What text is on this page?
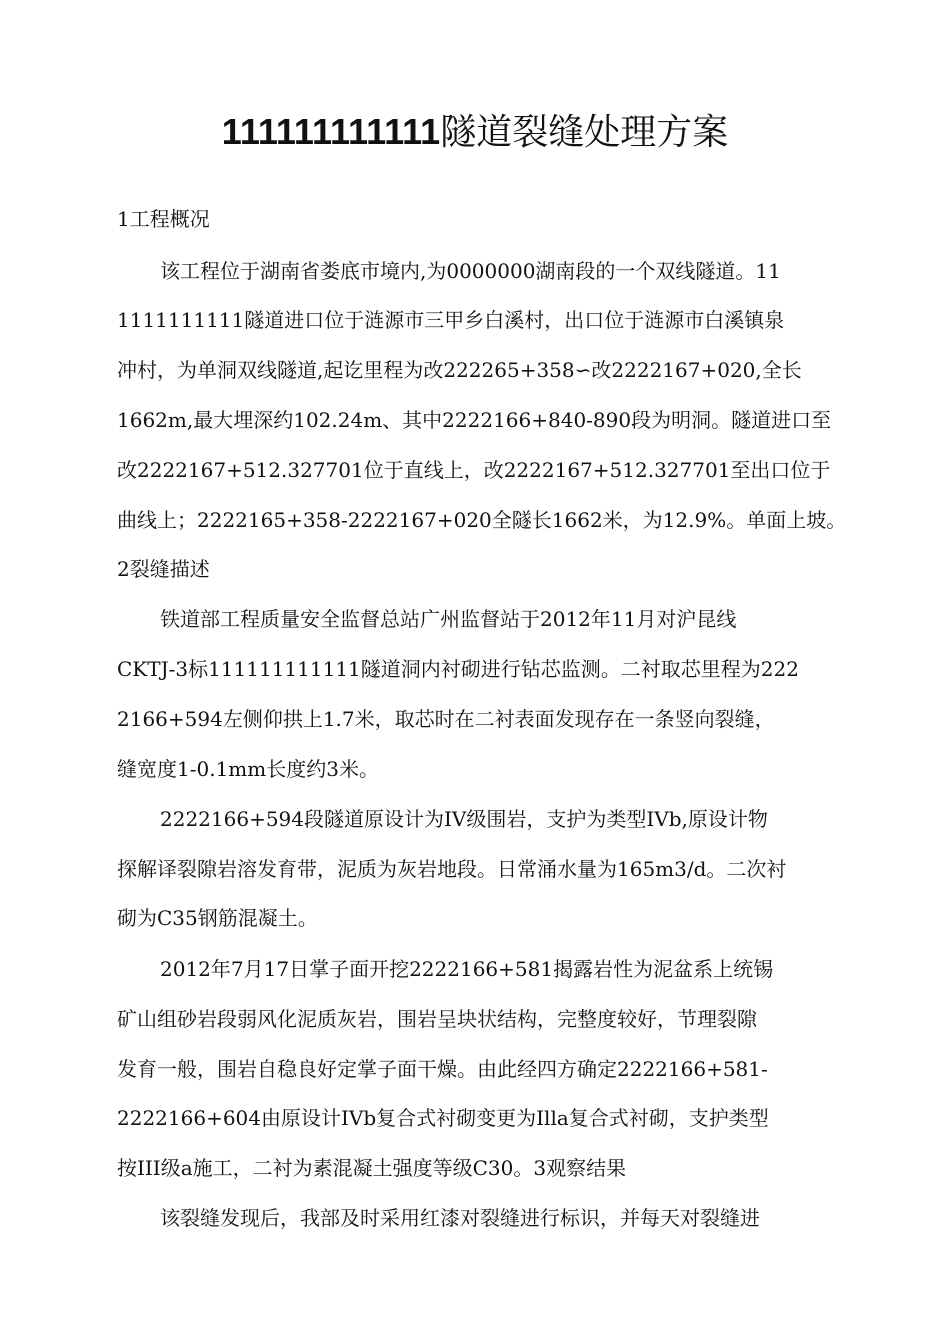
111111111111隧道裂缝处理方案
1工程概况
该工程位于湖南省娄底市境内,为0000000湖南段的一个双线隧道。11
1111111111隧道进口位于涟源市三甲乡白溪村，出口位于涟源市白溪镇泉
冲村，为单洞双线隧道,起讫里程为改222265+358∽改2222167+020,全长
1662m,最大埋深约102.24m、其中2222166+840-890段为明洞。隧道进口至
改2222167+512.327701位于直线上，改2222167+512.327701至出口位于
曲线上；2222165+358-2222167+020全隧长1662米，为12.9%。单面上坡。
2裂缝描述
铁道部工程质量安全监督总站广州监督站于2012年11月对沪昆线
CKTJ-3标111111111111隧道洞内衬砌进行钻芯监测。二衬取芯里程为222
2166+594左侧仰拱上1.7米，取芯时在二衬表面发现存在一条竖向裂缝，
缝宽度1-0.1mm长度约3米。
2222166+594段隧道原设计为IV级围岩，支护为类型IVb,原设计物
探解译裂隙岩溶发育带，泥质为灰岩地段。日常涌水量为165m3/d。二次衬
砌为C35钢筋混凝土。
2012年7月17日掌子面开挖2222166+581揭露岩性为泥盆系上统锡
矿山组砂岩段弱风化泥质灰岩，围岩呈块状结构，完整度较好，节理裂隙
发育一般，围岩自稳良好定掌子面干燥。由此经四方确定2222166+581-
2222166+604由原设计IVb复合式衬砌变更为Illa复合式衬砌，支护类型
按III级a施工，二衬为素混凝土强度等级C30。3观察结果
该裂缝发现后，我部及时采用红漆对裂缝进行标识，并每天对裂缝进
